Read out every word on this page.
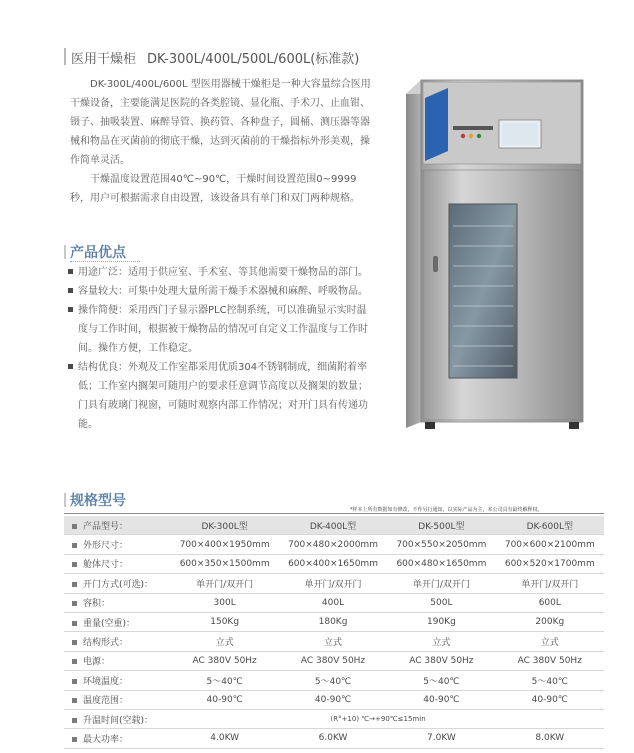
医用干燥柜 DK-300L/400L/500L/600L(标准款)

DK-300L/400L/600L 型医用器械干燥柜是一种大容量综合医用干燥设备，主要能满足医院的各类腔镜、显化瓶、手术刀、止血钳、镊子、抽吸装置、麻醉导管、换药管、各种盘子，圆桶、测压器等器械和物品在灭菌前的彻底干燥，达到灭菌前的干燥指标外形美观，操作简单灵活。

干燥温度设置范围40℃~90℃，干燥时间设置范围0~9999秒，用户可根据需求自由设置，该设备具有单门和双门两种规格。

产品优点
用途广泛：适用于供应室、手术室、等其他需要干燥物品的部门。
容量较大：可集中处理大量所需干燥手术器械和麻醉、呼吸物品。
操作简便：采用西门子显示器PLC控制系统，可以准确显示实时温度与工作时间，根据被干燥物品的情况可自定义工作温度与工作时间。操作方便，工作稳定。
结构优良：外观及工作室都采用优质304不锈钢制成，细菌附着率低；工作室内搁架可随用户的要求任意调节高度以及搁架的数量；门具有玻璃门视窗，可随时观察内部工作情况；对开门具有传递功能。
规格型号
*样本上所有数据如有修改，不作另行通知，以实际产品为主，本公司具有最终解释权。
产品型号：	DK-300L型	DK-400L型	DK-500L型	DK-600L型
外形尺寸：	700×400×1950mm	700×480×2000mm	700×550×2050mm	700×600×2100mm
舱体尺寸：	600×350×1500mm	600×400×1650mm	600×480×1650mm	600×520×1700mm
开门方式(可选)：	单开门/双开门	单开门/双开门	单开门/双开门	单开门/双开门
容积：	300L	400L	500L	600L
重量(空重)：	150Kg	180Kg	190Kg	200Kg
结构形式：	立式	立式	立式	立式
电源：	AC 380V 50Hz	AC 380V 50Hz	AC 380V 50Hz	AC 380V 50Hz
环境温度：	5～40℃	5～40℃	5～40℃	5～40℃
温度范围：	40-90℃	40-90℃	40-90℃	40-90℃
升温时间(空载)：	(R°+10) ℃→+90℃≤15min			
最大功率：	4.0KW	6.0KW	7.0KW	8.0KW
